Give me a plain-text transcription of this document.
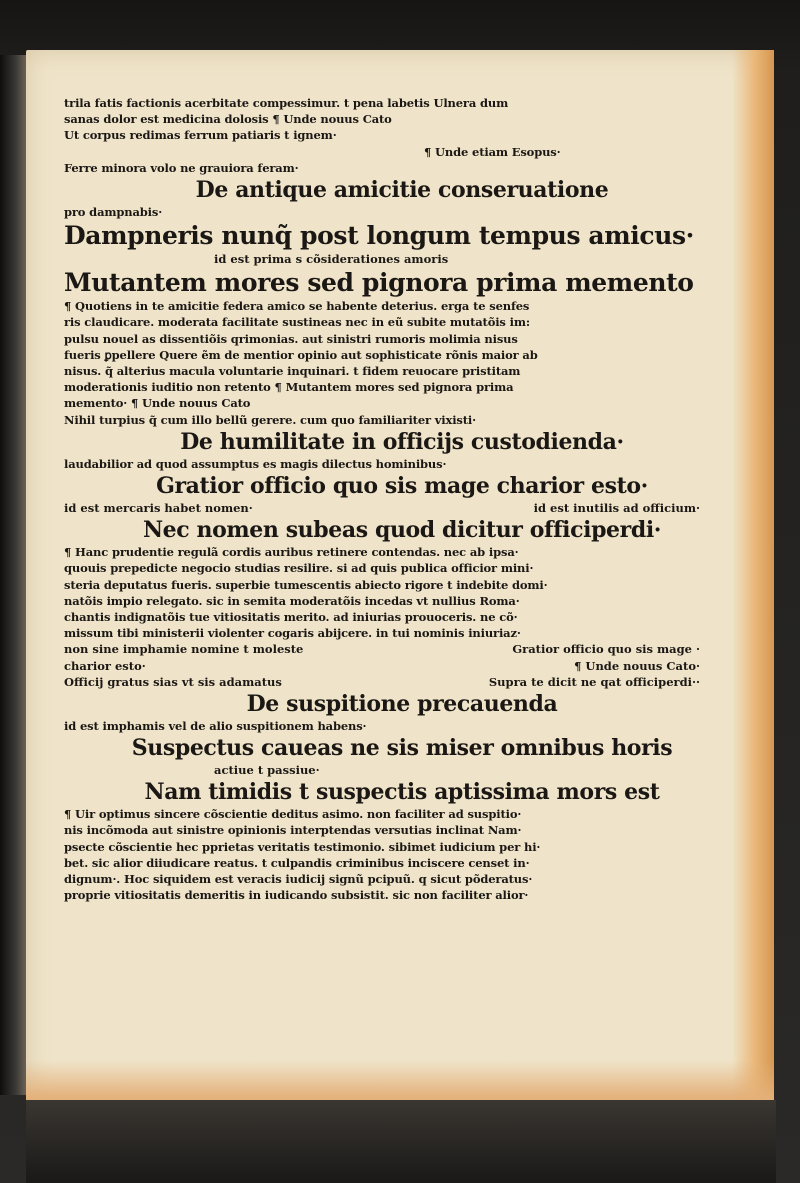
trila fatis factionis acerbitate compessimur. t pena labetis Ulnera dum
sanas dolor est medicina dolosis ¶ Unde nouus Cato
Ut corpus redimas ferrum patiaris t ignem·
¶ Unde etiam Esopus·
Ferre minora volo ne grauiora feram·
De antique amicitie conseruatione
pro dampnabis·
Dampneris nunq̃ post longum tempus amicus·
id est prima s cõsiderationes amoris
Mutantem mores sed pignora prima memento
¶ Quotiens in te amicitie federa amico se habente deterius. erga te senfes
ris claudicare. moderata facilitate sustineas nec in eũ subite mutatõis im:
pulsu nouel as dissentiõis qrimonias. aut sinistri rumoris molimia nisus
fueris ꝑpellere Quere ẽm de mentior opinio aut sophisticate rõnis maior ab
nisus. q̃ alterius macula voluntarie inquinari. t fidem reuocare pristitam
moderationis iuditio non retento ¶ Mutantem mores sed pignora prima
memento· ¶ Unde nouus Cato
Nihil turpius q̃ cum illo bellũ gerere. cum quo familiariter vixisti·
De humilitate in officijs custodienda·
laudabilior ad quod assumptus es magis dilectus hominibus·
Gratior officio quo sis mage charior esto·
id est mercaris habet nomen·	id est inutilis ad officium·
Nec nomen subeas quod dicitur officiperdi·
¶ Hanc prudentie regulã cordis auribus retinere contendas. nec ab ipsa·
quouis prepedicte negocio studias resilire. si ad quis publica officior mini·
steria deputatus fueris. superbie tumescentis abiecto rigore t indebite domi·
natõis impio relegato. sic in semita moderatõis incedas vt nullius Roma·
chantis indignatõis tue vitiositatis merito. ad iniurias prouoceris. ne cõ·
missum tibi ministerii violenter cogaris abijcere. in tui nominis iniuriaz·
non sine imphamie nomine t moleste	Gratior officio quo sis mage ·
charior esto·	¶ Unde nouus Cato·
Officij gratus sias vt sis adamatus	Supra te dicit ne qat officiperdi··
De suspitione precauenda
id est imphamis vel de alio suspitionem habens·
Suspectus caueas ne sis miser omnibus horis
actiue t passiue·
Nam timidis t suspectis aptissima mors est
¶ Uir optimus sincere cõscientie deditus asimo. non faciliter ad suspitio·
nis incõmoda aut sinistre opinionis interptendas versutias inclinat Nam·
psecte cõscientie hec pprietas veritatis testimonio. sibimet iudicium per hi·
bet. sic alior diiudicare reatus. t culpandis criminibus inciscere censet in·
dignum·. Hoc siquidem est veracis iudicij signũ pcipuũ. q sicut põderatus·
proprie vitiositatis demeritis in iudicando subsistit. sic non faciliter alior·
